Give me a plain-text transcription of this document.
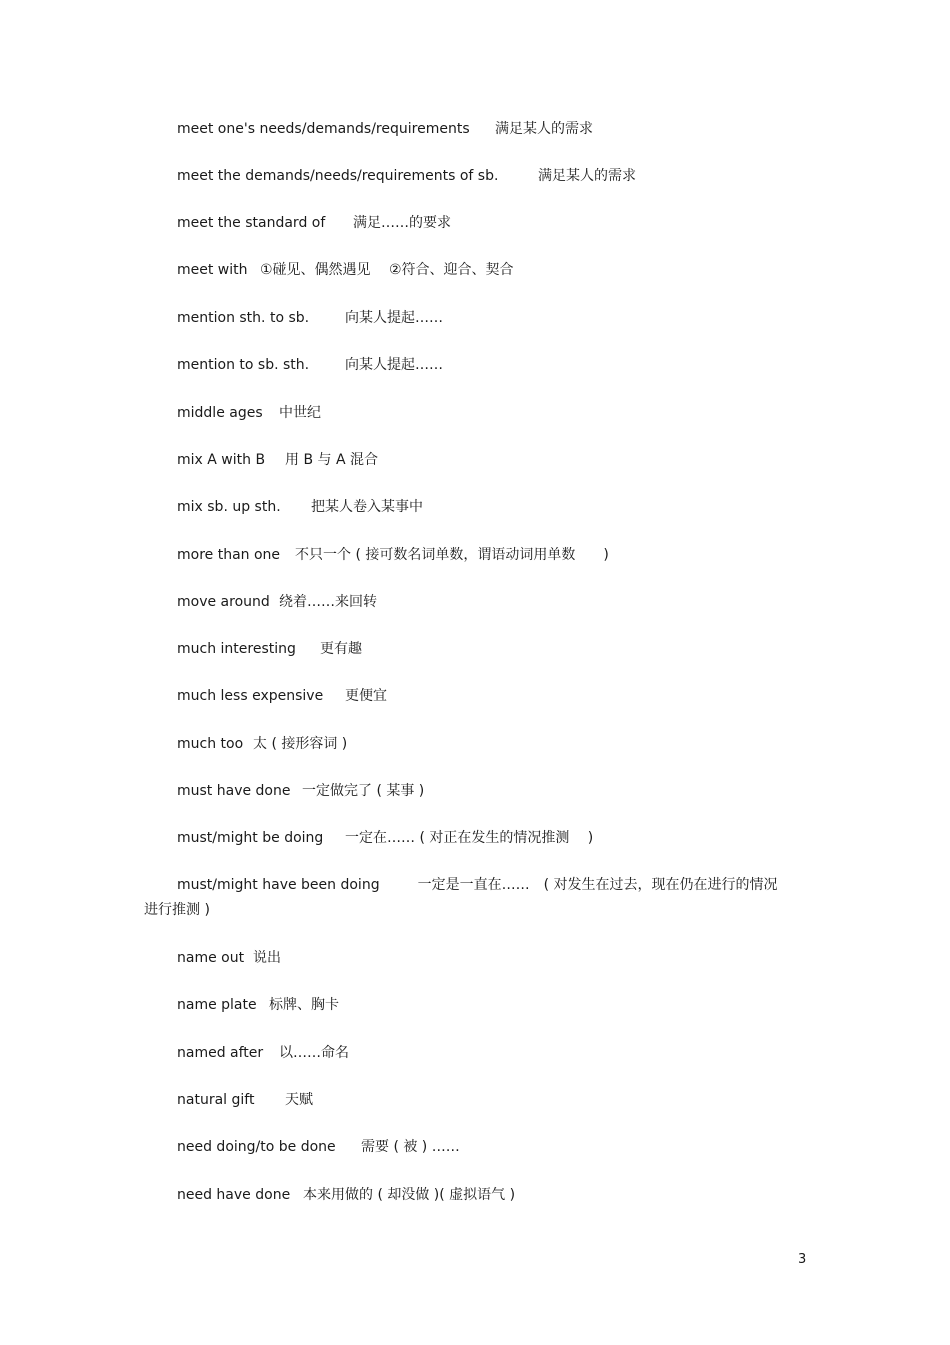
meet one's needs/demands/requirements 满足某人的需求
meet the demands/needs/requirements of sb.	满足某人的需求
meet the standard of 满足……的要求
meet with ①碰见、偶然遇见　 ②符合、迎合、契合
mention sth. to sb.	向某人提起……
mention to sb. sth.	向某人提起……
middle ages 中世纪
mix A with B 用 B 与 A 混合
mix sb. up sth. 把某人卷入某事中
more than one 不只一个 ( 接可数名词单数，谓语动词用单数　　)
move around 绕着……来回转
much interesting 更有趣
much less expensive 更便宜
much too 太 ( 接形容词 )
must have done 一定做完了 ( 某事 )
must/might be doing 一定在…… ( 对正在发生的情况推测　 )
must/might have been doing	一定是一直在……　( 对发生在过去，现在仍在进行的情况进行推测 )
name out 说出
name plate 标牌、胸卡
named after 以……命名
natural gift 天赋
need doing/to be done 需要 ( 被 ) ……
need have done 本来用做的 ( 却没做 )( 虚拟语气 )
3
